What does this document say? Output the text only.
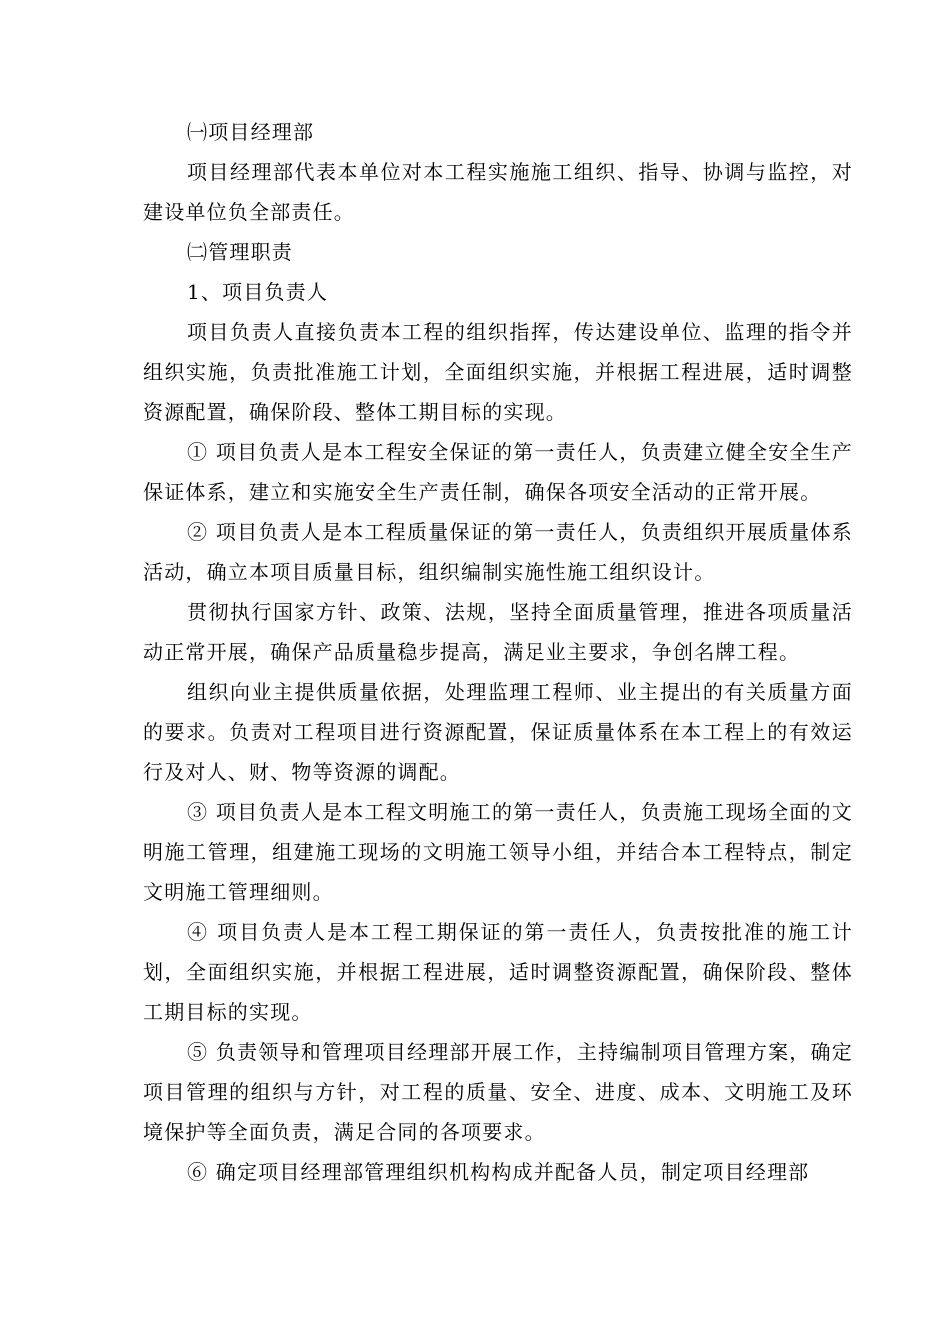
㈠项目经理部

项目经理部代表本单位对本工程实施施工组织、指导、协调与监控，对建设单位负全部责任。

㈡管理职责

1、项目负责人

项目负责人直接负责本工程的组织指挥，传达建设单位、监理的指令并组织实施，负责批准施工计划，全面组织实施，并根据工程进展，适时调整资源配置，确保阶段、整体工期目标的实现。

① 项目负责人是本工程安全保证的第一责任人，负责建立健全安全生产保证体系，建立和实施安全生产责任制，确保各项安全活动的正常开展。

② 项目负责人是本工程质量保证的第一责任人，负责组织开展质量体系活动，确立本项目质量目标，组织编制实施性施工组织设计。

贯彻执行国家方针、政策、法规，坚持全面质量管理，推进各项质量活动正常开展，确保产品质量稳步提高，满足业主要求，争创名牌工程。

组织向业主提供质量依据，处理监理工程师、业主提出的有关质量方面的要求。负责对工程项目进行资源配置，保证质量体系在本工程上的有效运行及对人、财、物等资源的调配。

③ 项目负责人是本工程文明施工的第一责任人，负责施工现场全面的文明施工管理，组建施工现场的文明施工领导小组，并结合本工程特点，制定文明施工管理细则。

④ 项目负责人是本工程工期保证的第一责任人，负责按批准的施工计划，全面组织实施，并根据工程进展，适时调整资源配置，确保阶段、整体工期目标的实现。

⑤ 负责领导和管理项目经理部开展工作，主持编制项目管理方案，确定项目管理的组织与方针，对工程的质量、安全、进度、成本、文明施工及环境保护等全面负责，满足合同的各项要求。

⑥ 确定项目经理部管理组织机构构成并配备人员，制定项目经理部
